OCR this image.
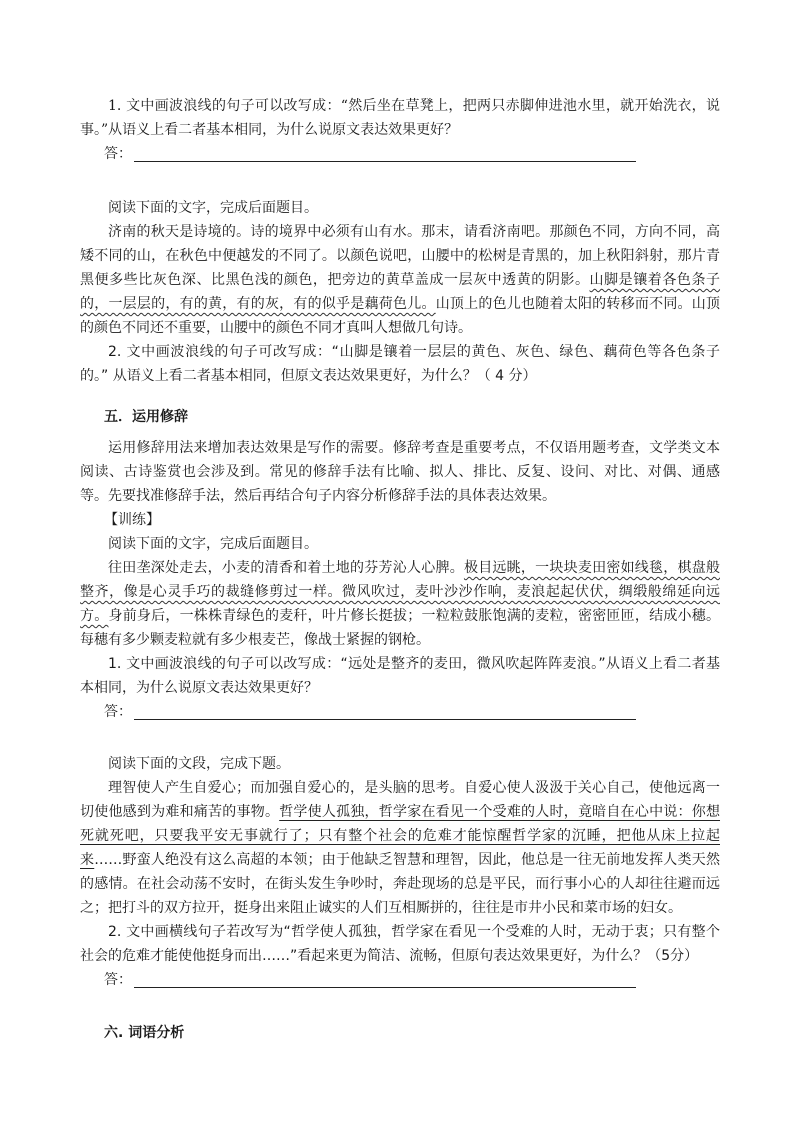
1. 文中画波浪线的句子可以改写成：“然后坐在草凳上，把两只赤脚伸进池水里，就开始洗衣，说事。”从语义上看二者基本相同，为什么说原文表达效果更好？
答：
阅读下面的文字，完成后面题目。
济南的秋天是诗境的。诗的境界中必须有山有水。那末，请看济南吧。那颜色不同，方向不同，高矮不同的山，在秋色中便越发的不同了。以颜色说吧，山腰中的松树是青黑的，加上秋阳斜射，那片青黑便多些比灰色深、比黑色浅的颜色，把旁边的黄草盖成一层灰中透黄的阴影。山脚是镶着各色条子的，一层层的，有的黄，有的灰，有的似乎是藕荷色儿。山顶上的色儿也随着太阳的转移而不同。山顶的颜色不同还不重要，山腰中的颜色不同才真叫人想做几句诗。
2. 文中画波浪线的句子可改写成：“山脚是镶着一层层的黄色、灰色、绿色、藕荷色等各色条子的。” 从语义上看二者基本相同，但原文表达效果更好，为什么？（ 4 分）
五．运用修辞
运用修辞用法来增加表达效果是写作的需要。修辞考查是重要考点，不仅语用题考查，文学类文本阅读、古诗鉴赏也会涉及到。常见的修辞手法有比喻、拟人、排比、反复、设问、对比、对偶、通感等。先要找准修辞手法，然后再结合句子内容分析修辞手法的具体表达效果。
【训练】
阅读下面的文字，完成后面题目。
往田垄深处走去，小麦的清香和着土地的芬芳沁人心脾。极目远眺，一块块麦田密如线毯，棋盘般整齐，像是心灵手巧的裁缝修剪过一样。微风吹过，麦叶沙沙作响，麦浪起起伏伏，绸缎般绵延向远方。身前身后，一株株青绿色的麦秆，叶片修长挺拔；一粒粒鼓胀饱满的麦粒，密密匝匝，结成小穗。每穗有多少颗麦粒就有多少根麦芒，像战士紧握的钢枪。
1. 文中画波浪线的句子可以改写成：“远处是整齐的麦田，微风吹起阵阵麦浪。”从语义上看二者基本相同，为什么说原文表达效果更好？
答：
阅读下面的文段，完成下题。
理智使人产生自爱心；而加强自爱心的，是头脑的思考。自爱心使人汲汲于关心自己，使他远离一切使他感到为难和痛苦的事物。哲学使人孤独，哲学家在看见一个受难的人时，竟暗自在心中说：你想死就死吧，只要我平安无事就行了；只有整个社会的危难才能惊醒哲学家的沉睡，把他从床上拉起来……野蛮人绝没有这么高超的本领；由于他缺乏智慧和理智，因此，他总是一往无前地发挥人类天然的感情。在社会动荡不安时，在街头发生争吵时，奔赴现场的总是平民，而行事小心的人却往往避而远之；把打斗的双方拉开，挺身出来阻止诚实的人们互相厮拼的，往往是市井小民和菜市场的妇女。
2. 文中画横线句子若改写为“哲学使人孤独，哲学家在看见一个受难的人时，无动于衷；只有整个社会的危难才能使他挺身而出……”看起来更为简洁、流畅，但原句表达效果更好，为什么？（5分）
答：
六. 词语分析
